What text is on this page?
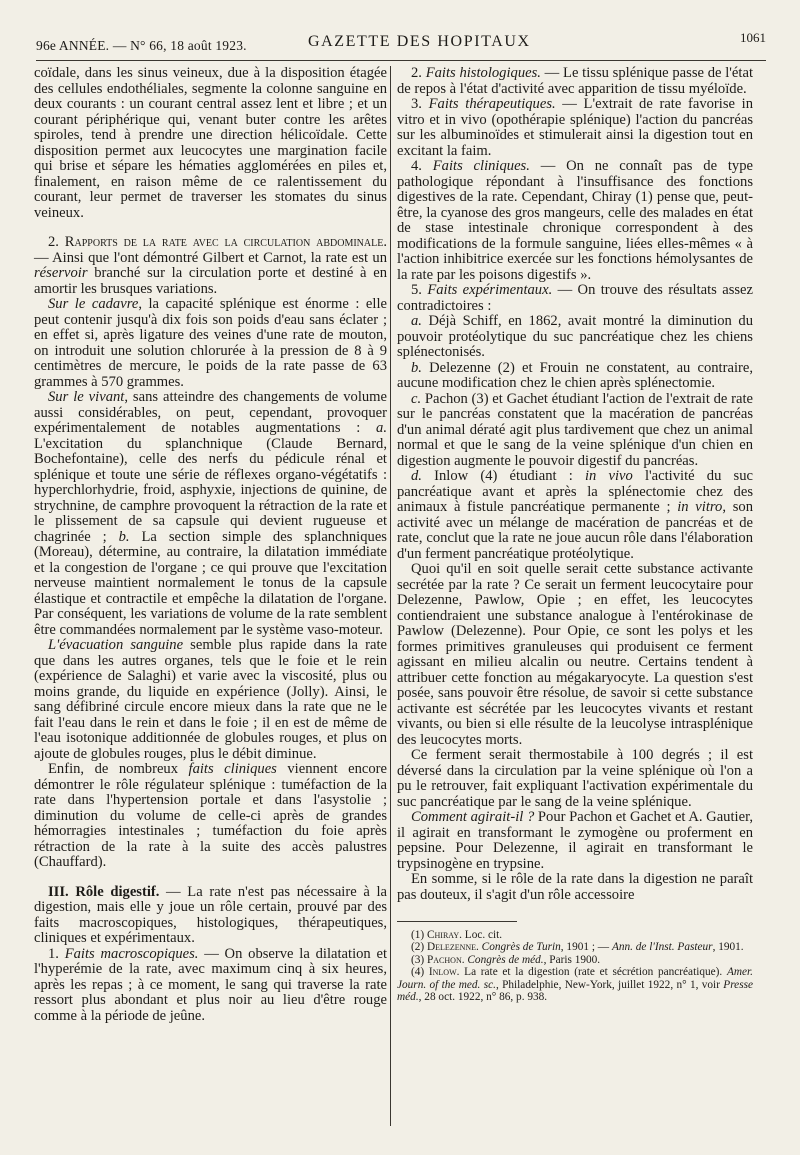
96e ANNÉE. — N° 66, 18 août 1923.	GAZETTE DES HOPITAUX	1061

coïdale, dans les sinus veineux, due à la disposition étagée des cellules endothéliales, segmente la colonne sanguine en deux courants : un courant central assez lent et libre ; et un courant périphérique qui, venant buter contre les arêtes spiroles, tend à prendre une direction hélicoïdale. Cette disposition permet aux leucocytes une margination facile qui brise et sépare les hématies agglomérées en piles et, finalement, en raison même de ce ralentissement du courant, leur permet de traverser les stomates du sinus veineux.

2. Rapports de la rate avec la circulation abdominale. — Ainsi que l'ont démontré Gilbert et Carnot, la rate est un réservoir branché sur la circulation porte et destiné à en amortir les brusques variations.

Sur le cadavre, la capacité splénique est énorme : elle peut contenir jusqu'à dix fois son poids d'eau sans éclater ; en effet si, après ligature des veines d'une rate de mouton, on introduit une solution chlorurée à la pression de 8 à 9 centimètres de mercure, le poids de la rate passe de 63 grammes à 570 grammes.

Sur le vivant, sans atteindre des changements de volume aussi considérables, on peut, cependant, provoquer expérimentalement de notables augmentations : a. L'excitation du splanchnique (Claude Bernard, Bochefontaine), celle des nerfs du pédicule rénal et splénique et toute une série de réflexes organo-végétatifs : hyperchlorhydrie, froid, asphyxie, injections de quinine, de strychnine, de camphre provoquent la rétraction de la rate et le plissement de sa capsule qui devient rugueuse et chagrinée ; b. La section simple des splanchniques (Moreau), détermine, au contraire, la dilatation immédiate et la congestion de l'organe ; ce qui prouve que l'excitation nerveuse maintient normalement le tonus de la capsule élastique et contractile et empêche la dilatation de l'organe. Par conséquent, les variations de volume de la rate semblent être commandées normalement par le système vaso-moteur.

L'évacuation sanguine semble plus rapide dans la rate que dans les autres organes, tels que le foie et le rein (expérience de Salaghi) et varie avec la viscosité, plus ou moins grande, du liquide en expérience (Jolly). Ainsi, le sang défibriné circule encore mieux dans la rate que ne le fait l'eau dans le rein et dans le foie ; il en est de même de l'eau isotonique additionnée de globules rouges, et plus on ajoute de globules rouges, plus le débit diminue.

Enfin, de nombreux faits cliniques viennent encore démontrer le rôle régulateur splénique : tuméfaction de la rate dans l'hypertension portale et dans l'asystolie ; diminution du volume de celle-ci après de grandes hémorragies intestinales ; tuméfaction du foie après rétraction de la rate à la suite des accès palustres (Chauffard).

III. Rôle digestif. — La rate n'est pas nécessaire à la digestion, mais elle y joue un rôle certain, prouvé par des faits macroscopiques, histologiques, thérapeutiques, cliniques et expérimentaux.

1. Faits macroscopiques. — On observe la dilatation et l'hyperémie de la rate, avec maximum cinq à six heures, après les repas ; à ce moment, le sang qui traverse la rate ressort plus abondant et plus noir au lieu d'être rouge comme à la période de jeûne.

2. Faits histologiques. — Le tissu splénique passe de l'état de repos à l'état d'activité avec apparition de tissu myéloïde.

3. Faits thérapeutiques. — L'extrait de rate favorise in vitro et in vivo (opothérapie splénique) l'action du pancréas sur les albuminoïdes et stimulerait ainsi la digestion tout en excitant la faim.

4. Faits cliniques. — On ne connaît pas de type pathologique répondant à l'insuffisance des fonctions digestives de la rate. Cependant, Chiray (1) pense que, peut-être, la cyanose des gros mangeurs, celle des malades en état de stase intestinale chronique correspondent à des modifications de la formule sanguine, liées elles-mêmes « à l'action inhibitrice exercée sur les fonctions hémolysantes de la rate par les poisons digestifs ».

5. Faits expérimentaux. — On trouve des résultats assez contradictoires :

a. Déjà Schiff, en 1862, avait montré la diminution du pouvoir protéolytique du suc pancréatique chez les chiens splénectonisés.

b. Delezenne (2) et Frouin ne constatent, au contraire, aucune modification chez le chien après splénectomie.

c. Pachon (3) et Gachet étudiant l'action de l'extrait de rate sur le pancréas constatent que la macération de pancréas d'un animal dératé agit plus tardivement que chez un animal normal et que le sang de la veine splénique d'un chien en digestion augmente le pouvoir digestif du pancréas.

d. Inlow (4) étudiant : in vivo l'activité du suc pancréatique avant et après la splénectomie chez des animaux à fistule pancréatique permanente ; in vitro, son activité avec un mélange de macération de pancréas et de rate, conclut que la rate ne joue aucun rôle dans l'élaboration d'un ferment pancréatique protéolytique.

Quoi qu'il en soit quelle serait cette substance activante secrétée par la rate ? Ce serait un ferment leucocytaire pour Delezenne, Pawlow, Opie ; en effet, les leucocytes contiendraient une substance analogue à l'entérokinase de Pawlow (Delezenne). Pour Opie, ce sont les polys et les formes primitives granuleuses qui produisent ce ferment agissant en milieu alcalin ou neutre. Certains tendent à attribuer cette fonction au mégakaryocyte. La question s'est posée, sans pouvoir être résolue, de savoir si cette substance activante est sécrétée par les leucocytes vivants et restant vivants, ou bien si elle résulte de la leucolyse intrasplénique des leucocytes morts.

Ce ferment serait thermostabile à 100 degrés ; il est déversé dans la circulation par la veine splénique où l'on a pu le retrouver, fait expliquant l'activation expérimentale du suc pancréatique par le sang de la veine splénique.

Comment agirait-il ? Pour Pachon et Gachet et A. Gautier, il agirait en transformant le zymogène ou proferment en pepsine. Pour Delezenne, il agirait en transformant le trypsinogène en trypsine.

En somme, si le rôle de la rate dans la digestion ne paraît pas douteux, il s'agit d'un rôle accessoire

(1) Chiray. Loc. cit.

(2) Delezenne. Congrès de Turin, 1901 ; — Ann. de l'Inst. Pasteur, 1901.

(3) Pachon. Congrès de méd., Paris 1900.

(4) Inlow. La rate et la digestion (rate et sécrétion pancréatique). Amer. Journ. of the med. sc., Philadelphie, New-York, juillet 1922, n° 1, voir Presse méd., 28 oct. 1922, n° 86, p. 938.
